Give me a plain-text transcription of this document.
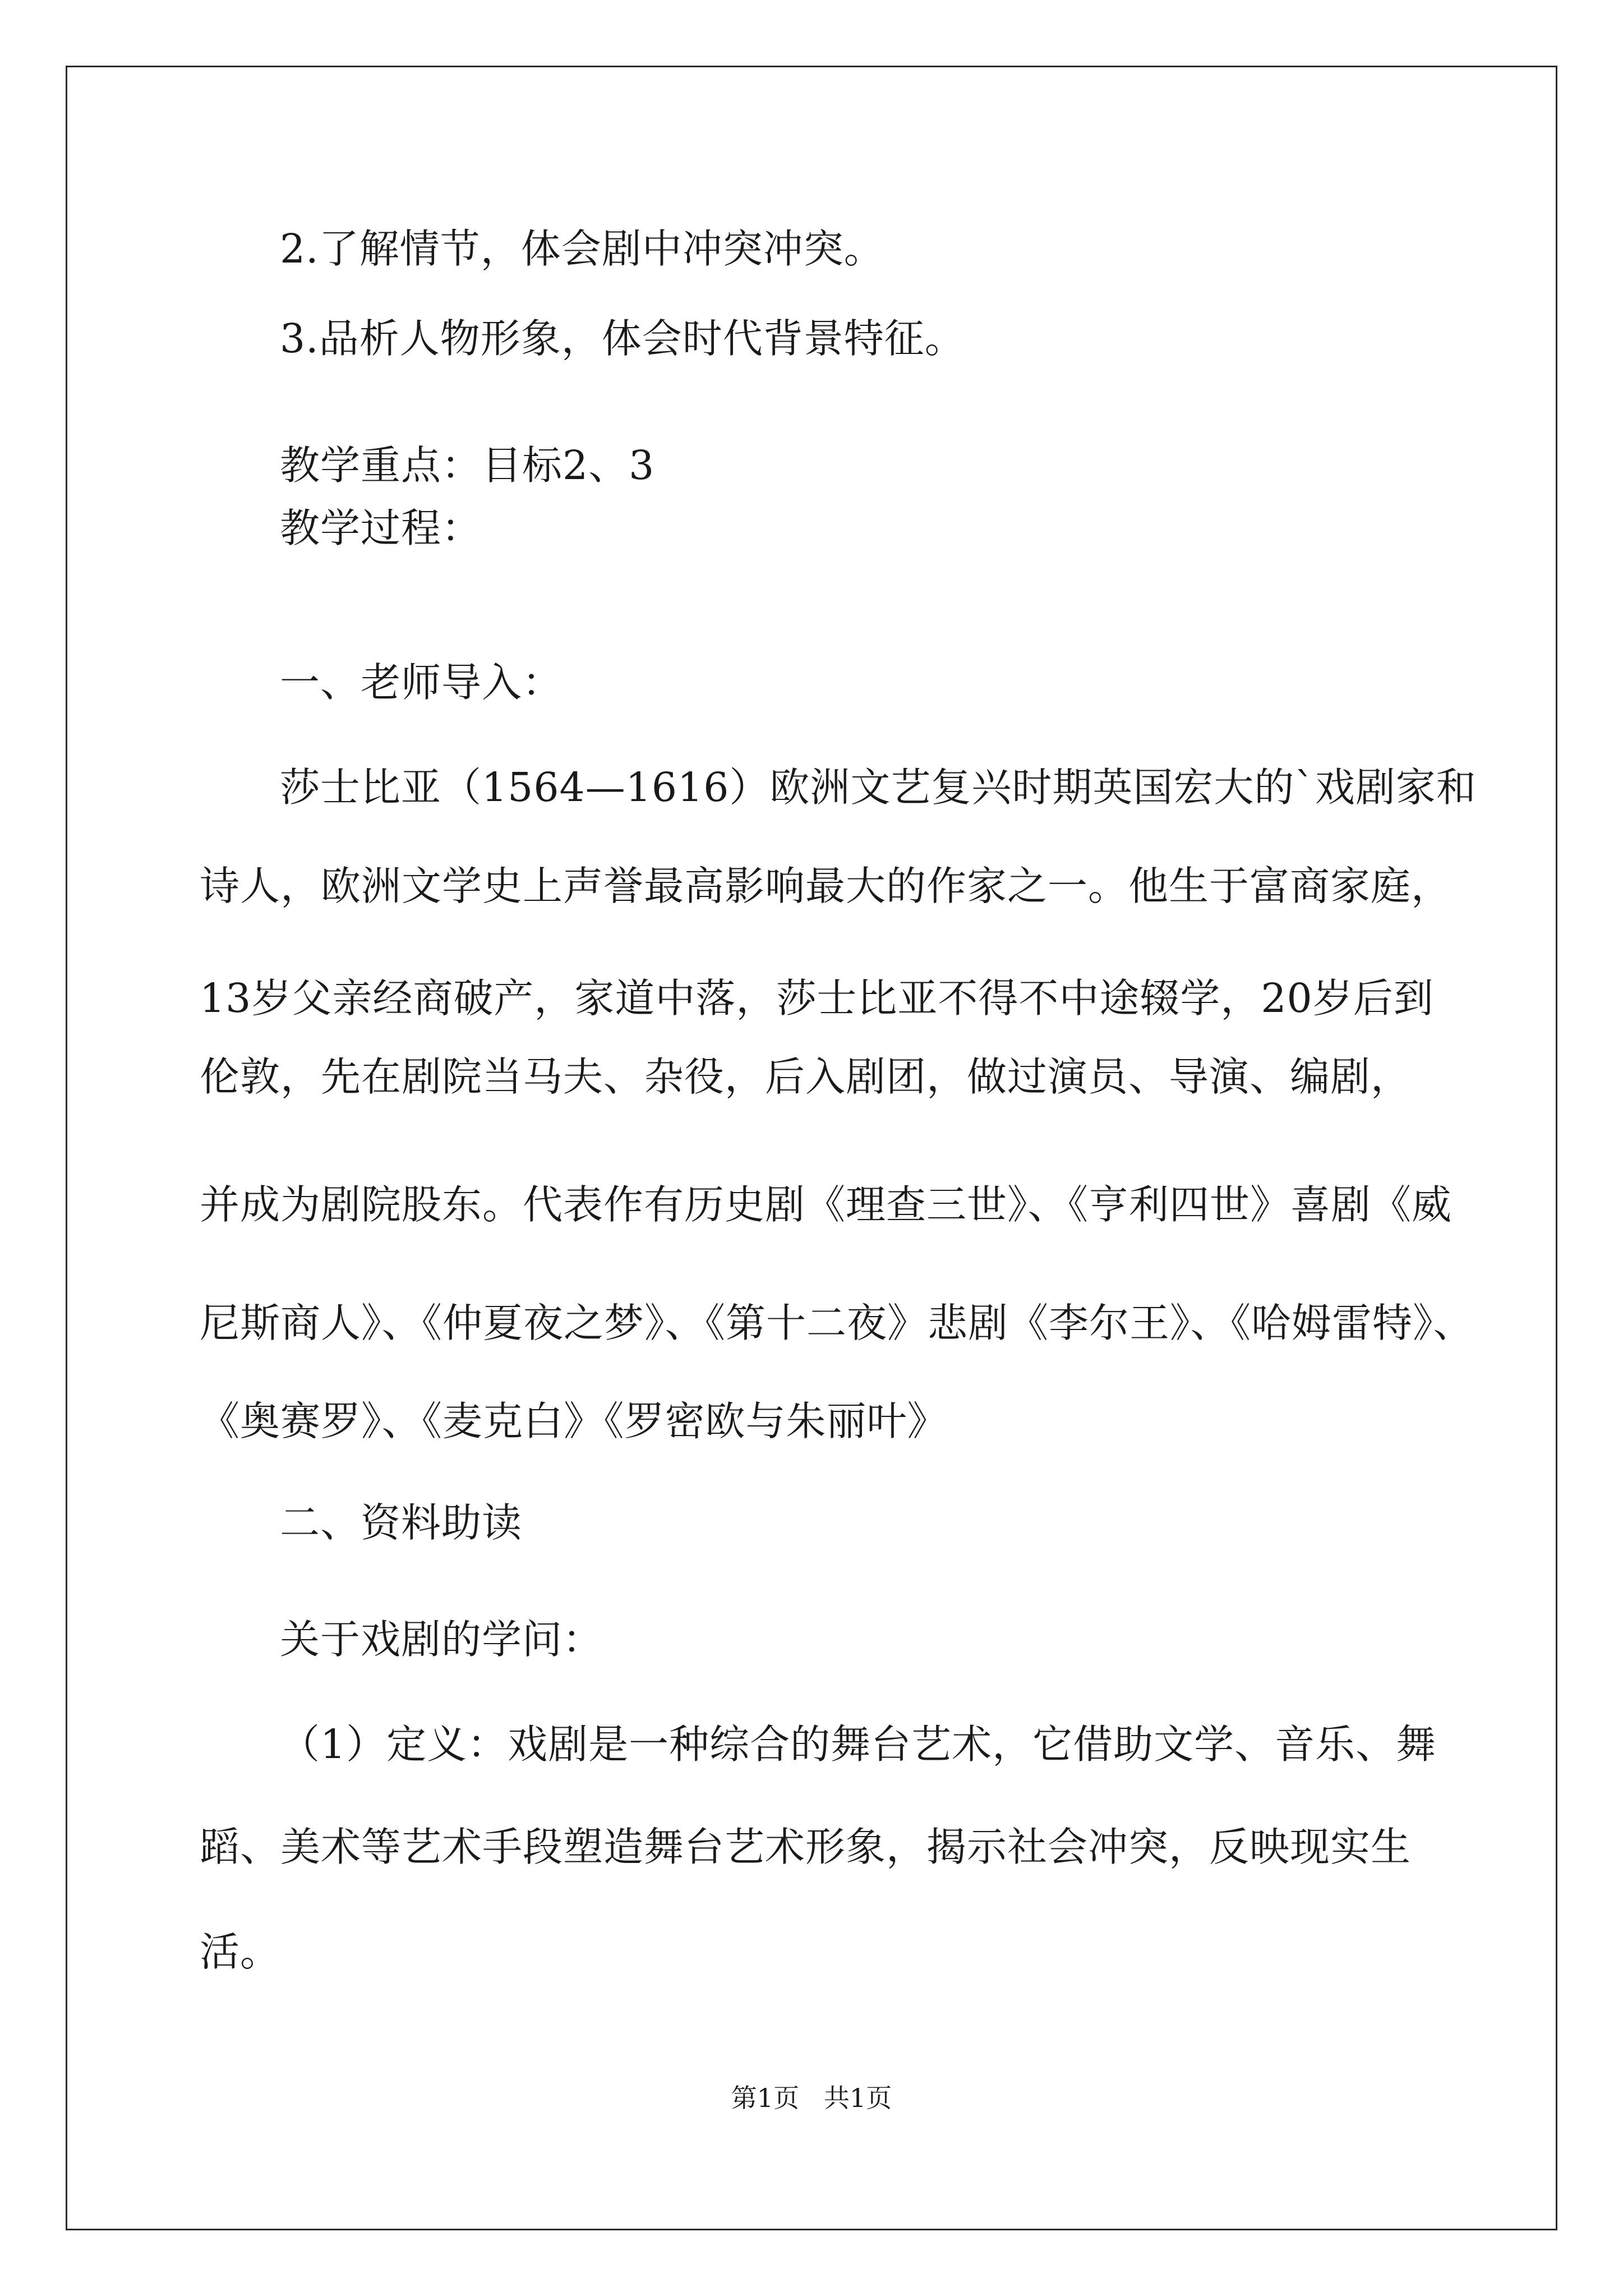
2.了解情节，体会剧中冲突冲突。
3.品析人物形象，体会时代背景特征。
教学重点：目标2、3
教学过程：
一、老师导入：
莎士比亚（1564—1616）欧洲文艺复兴时期英国宏大的`戏剧家和
诗人，欧洲文学史上声誉最高影响最大的作家之一。他生于富商家庭，
13岁父亲经商破产，家道中落，莎士比亚不得不中途辍学，20岁后到
伦敦，先在剧院当马夫、杂役，后入剧团，做过演员、导演、编剧，
并成为剧院股东。代表作有历史剧《理查三世》、《亨利四世》喜剧《威
尼斯商人》、《仲夏夜之梦》、《第十二夜》悲剧《李尔王》、《哈姆雷特》、
《奥赛罗》、《麦克白》《罗密欧与朱丽叶》
二、资料助读
关于戏剧的学问：
（1）定义：戏剧是一种综合的舞台艺术，它借助文学、音乐、舞
蹈、美术等艺术手段塑造舞台艺术形象，揭示社会冲突，反映现实生
活。
第1页   共1页
